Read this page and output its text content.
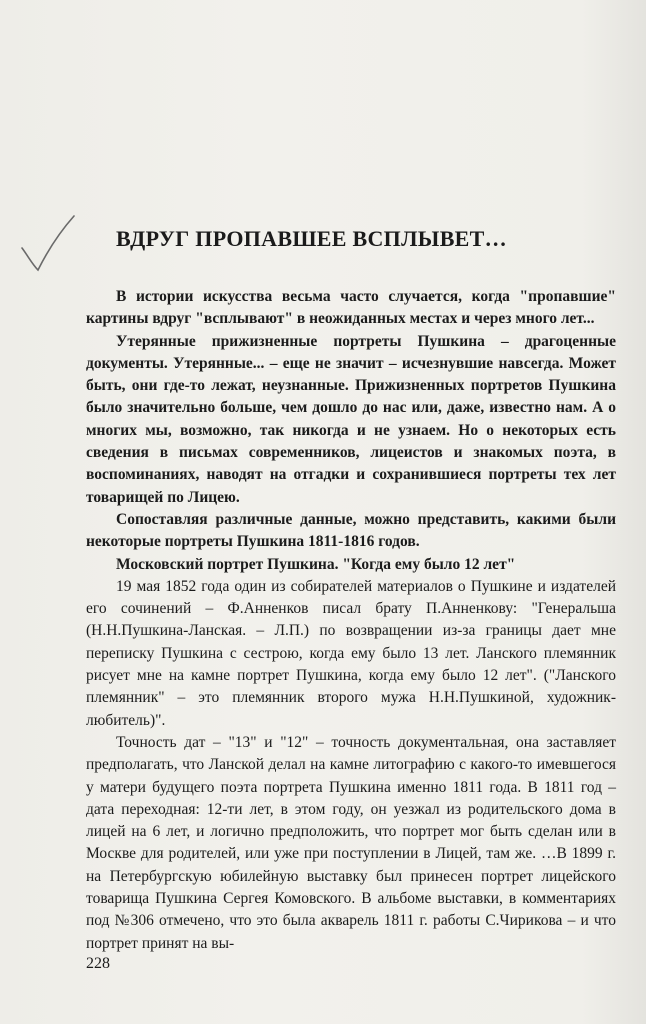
ВДРУГ ПРОПАВШЕЕ ВСПЛЫВЕТ…

В истории искусства весьма часто случается, когда "пропавшие" картины вдруг "всплывают" в неожиданных местах и через много лет...

Утерянные прижизненные портреты Пушкина – драгоценные документы. Утерянные... – еще не значит – исчезнувшие навсегда. Может быть, они где-то лежат, неузнанные. Прижизненных портретов Пушкина было значительно больше, чем дошло до нас или, даже, известно нам. А о многих мы, возможно, так никогда и не узнаем. Но о некоторых есть сведения в письмах современников, лицеистов и знакомых поэта, в воспоминаниях, наводят на отгадки и сохранившиеся портреты тех лет товарищей по Лицею.

Сопоставляя различные данные, можно представить, какими были некоторые портреты Пушкина 1811-1816 годов.

Московский портрет Пушкина. "Когда ему было 12 лет"

19 мая 1852 года один из собирателей материалов о Пушкине и издателей его сочинений – Ф.Анненков писал брату П.Анненкову: "Генеральша (Н.Н.Пушкина-Ланская. – Л.П.) по возвращении из-за границы дает мне переписку Пушкина с сестрою, когда ему было 13 лет. Ланского племянник рисует мне на камне портрет Пушкина, когда ему было 12 лет". ("Ланского племянник" – это племянник второго мужа Н.Н.Пушкиной, художник-любитель)".

Точность дат – "13" и "12" – точность документальная, она заставляет предполагать, что Ланской делал на камне литографию с какого-то имевшегося у матери будущего поэта портрета Пушкина именно 1811 года. В 1811 год – дата переходная: 12-ти лет, в этом году, он уезжал из родительского дома в лицей на 6 лет, и логично предположить, что портрет мог быть сделан или в Москве для родителей, или уже при поступлении в Лицей, там же. …В 1899 г. на Петербургскую юбилейную выставку был принесен портрет лицейского товарища Пушкина Сергея Комовского. В альбоме выставки, в комментариях под №306 отмечено, что это была акварель 1811 г. работы С.Чирикова – и что портрет принят на вы-

228
